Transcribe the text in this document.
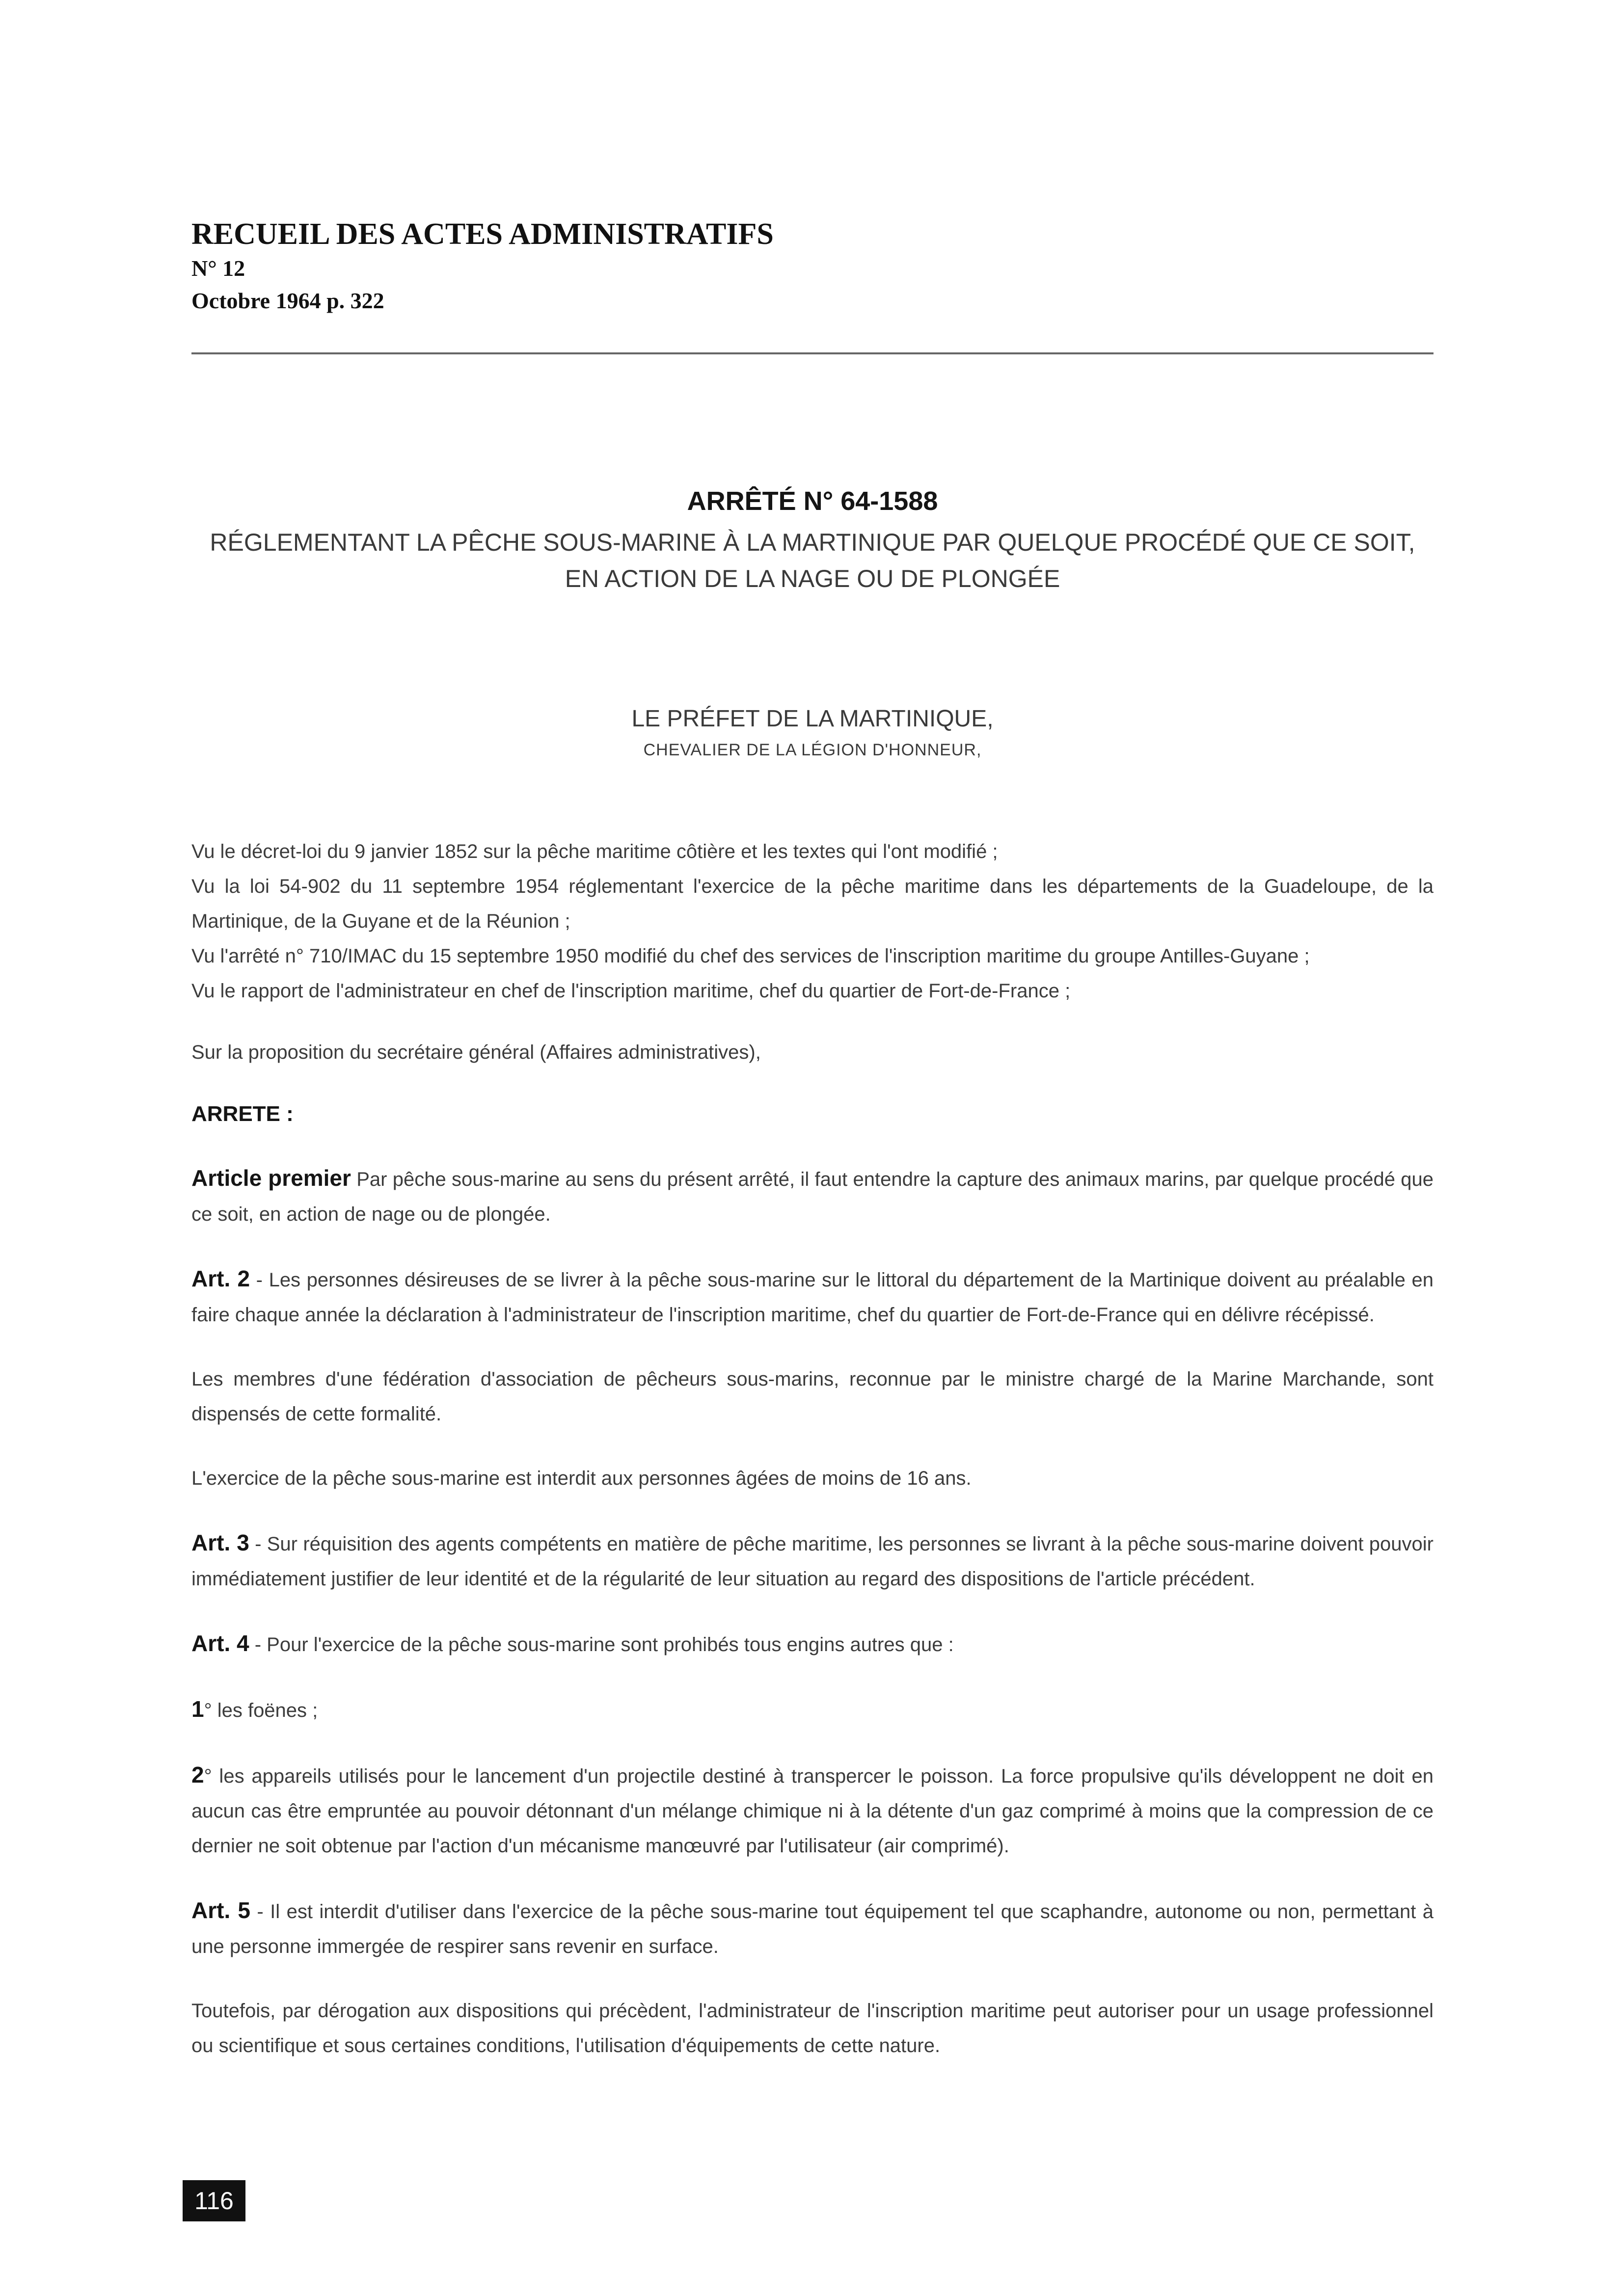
RECUEIL DES ACTES ADMINISTRATIFS
N° 12
Octobre 1964 p. 322
ARRÊTÉ N° 64-1588
RÉGLEMENTANT LA PÊCHE SOUS-MARINE À LA MARTINIQUE PAR QUELQUE PROCÉDÉ QUE CE SOIT,
EN ACTION DE LA NAGE OU DE PLONGÉE
LE PRÉFET DE LA MARTINIQUE,
CHEVALIER DE LA LÉGION D'HONNEUR,

Vu le décret-loi du 9 janvier 1852 sur la pêche maritime côtière et les textes qui l'ont modifié ;

Vu la loi 54-902 du 11 septembre 1954 réglementant l'exercice de la pêche maritime dans les départements de la Guadeloupe, de la Martinique, de la Guyane et de la Réunion ;

Vu l'arrêté n° 710/IMAC du 15 septembre 1950 modifié du chef des services de l'inscription maritime du groupe Antilles-Guyane ;

Vu le rapport de l'administrateur en chef de l'inscription maritime, chef du quartier de Fort-de-France ;

Sur la proposition du secrétaire général (Affaires administratives),

ARRETE :

Article premier Par pêche sous-marine au sens du présent arrêté, il faut entendre la capture des animaux marins, par quelque procédé que ce soit, en action de nage ou de plongée.

Art. 2 - Les personnes désireuses de se livrer à la pêche sous-marine sur le littoral du département de la Martinique doivent au préalable en faire chaque année la déclaration à l'administrateur de l'inscription maritime, chef du quartier de Fort-de-France qui en délivre récépissé.

Les membres d'une fédération d'association de pêcheurs sous-marins, reconnue par le ministre chargé de la Marine Marchande, sont dispensés de cette formalité.

L'exercice de la pêche sous-marine est interdit aux personnes âgées de moins de 16 ans.

Art. 3 - Sur réquisition des agents compétents en matière de pêche maritime, les personnes se livrant à la pêche sous-marine doivent pouvoir immédiatement justifier de leur identité et de la régularité de leur situation au regard des dispositions de l'article précédent.

Art. 4 - Pour l'exercice de la pêche sous-marine sont prohibés tous engins autres que :

1° les foënes ;

2° les appareils utilisés pour le lancement d'un projectile destiné à transpercer le poisson. La force propulsive qu'ils développent ne doit en aucun cas être empruntée au pouvoir détonnant d'un mélange chimique ni à la détente d'un gaz comprimé à moins que la compression de ce dernier ne soit obtenue par l'action d'un mécanisme manœuvré par l'utilisateur (air comprimé).

Art. 5 - Il est interdit d'utiliser dans l'exercice de la pêche sous-marine tout équipement tel que scaphandre, autonome ou non, permettant à une personne immergée de respirer sans revenir en surface.

Toutefois, par dérogation aux dispositions qui précèdent, l'administrateur de l'inscription maritime peut autoriser pour un usage professionnel ou scientifique et sous certaines conditions, l'utilisation d'équipements de cette nature.

116
